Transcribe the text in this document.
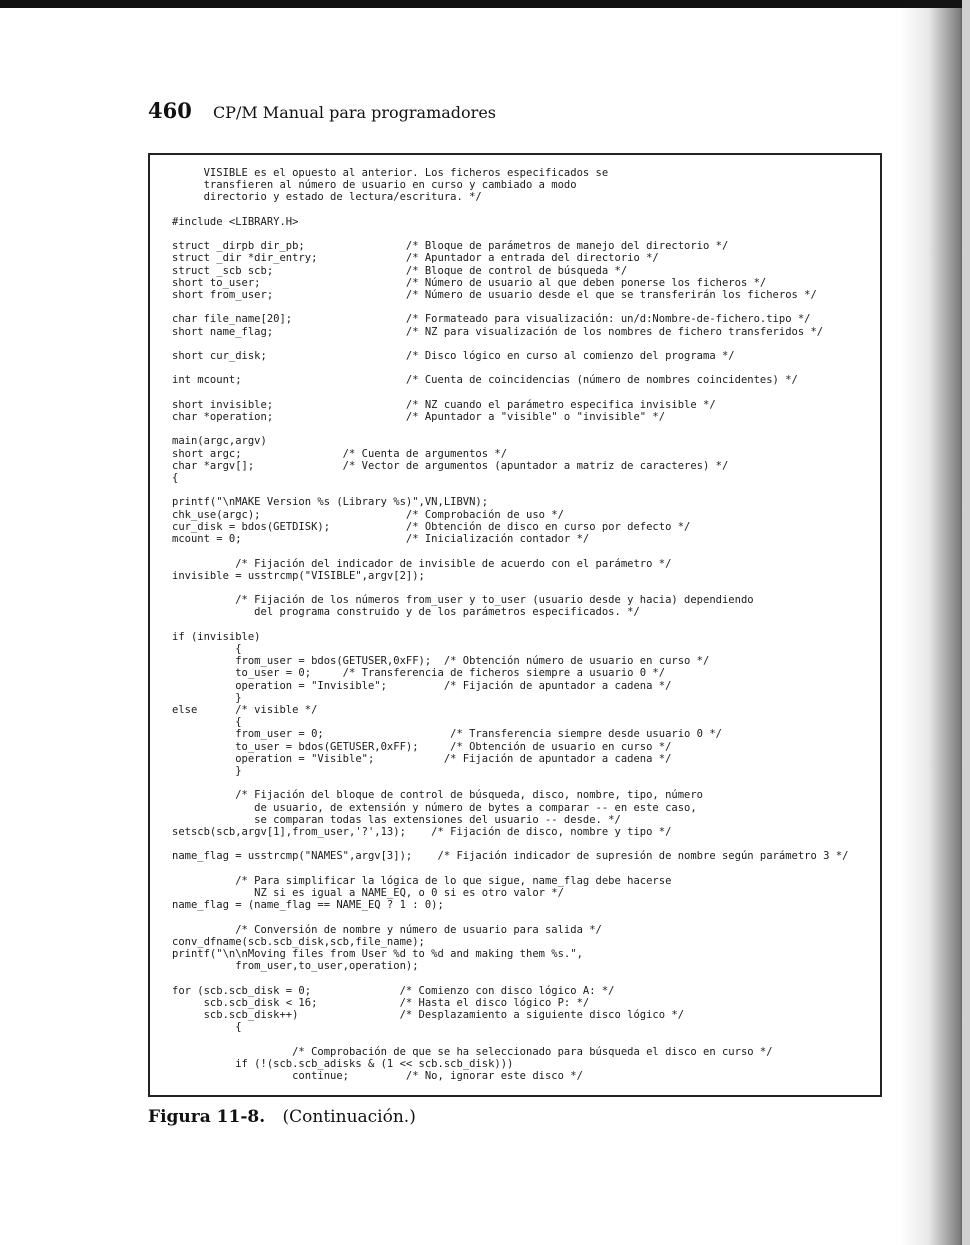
460 CP/M Manual para programadores
VISIBLE es el opuesto al anterior. Los ficheros especificados se
transfieren al número de usuario en curso y cambiado a modo
directorio y estado de lectura/escritura. */

#include <LIBRARY.H>

struct _dirpb dir_pb;                /* Bloque de parámetros de manejo del directorio */
struct _dir *dir_entry;              /* Apuntador a entrada del directorio */
struct _scb scb;                     /* Bloque de control de búsqueda */
short to_user;                       /* Número de usuario al que deben ponerse los ficheros */
short from_user;                     /* Número de usuario desde el que se transferirán los ficheros */

char file_name[20];                  /* Formateado para visualización: un/d:Nombre-de-fichero.tipo */
short name_flag;                     /* NZ para visualización de los nombres de fichero transferidos */

short cur_disk;                      /* Disco lógico en curso al comienzo del programa */

int mcount;                          /* Cuenta de coincidencias (número de nombres coincidentes) */

short invisible;                     /* NZ cuando el parámetro especifica invisible */
char *operation;                     /* Apuntador a "visible" o "invisible" */

main(argc,argv)
short argc;                /* Cuenta de argumentos */
char *argv[];              /* Vector de argumentos (apuntador a matriz de caracteres) */
{

printf("\nMAKE Version %s (Library %s)",VN,LIBVN);
chk_use(argc);                       /* Comprobación de uso */
cur_disk = bdos(GETDISK);            /* Obtención de disco en curso por defecto */
mcount = 0;                          /* Inicialización contador */

/* Fijación del indicador de invisible de acuerdo con el parámetro */
invisible = usstrcmp("VISIBLE",argv[2]);

/* Fijación de los números from_user y to_user (usuario desde y hacia) dependiendo
del programa construido y de los parámetros especificados. */

if (invisible)
{
from_user = bdos(GETUSER,0xFF);  /* Obtención número de usuario en curso */
to_user = 0;     /* Transferencia de ficheros siempre a usuario 0 */
operation = "Invisible";         /* Fijación de apuntador a cadena */
}
else      /* visible */
{
from_user = 0;                    /* Transferencia siempre desde usuario 0 */
to_user = bdos(GETUSER,0xFF);     /* Obtención de usuario en curso */
operation = "Visible";           /* Fijación de apuntador a cadena */
}

/* Fijación del bloque de control de búsqueda, disco, nombre, tipo, número
de usuario, de extensión y número de bytes a comparar -- en este caso,
se comparan todas las extensiones del usuario -- desde. */
setscb(scb,argv[1],from_user,'?',13);    /* Fijación de disco, nombre y tipo */

name_flag = usstrcmp("NAMES",argv[3]);    /* Fijación indicador de supresión de nombre según parámetro 3 */

/* Para simplificar la lógica de lo que sigue, name_flag debe hacerse
NZ si es igual a NAME_EQ, o 0 si es otro valor */
name_flag = (name_flag == NAME_EQ ? 1 : 0);

/* Conversión de nombre y número de usuario para salida */
conv_dfname(scb.scb_disk,scb,file_name);
printf("\n\nMoving files from User %d to %d and making them %s.",
from_user,to_user,operation);

for (scb.scb_disk = 0;              /* Comienzo con disco lógico A: */
scb.scb_disk < 16;             /* Hasta el disco lógico P: */
scb.scb_disk++)                /* Desplazamiento a siguiente disco lógico */
{

/* Comprobación de que se ha seleccionado para búsqueda el disco en curso */
if (!(scb.scb_adisks & (1 << scb.scb_disk)))
continue;         /* No, ignorar este disco */

Figura 11-8. (Continuación.)
